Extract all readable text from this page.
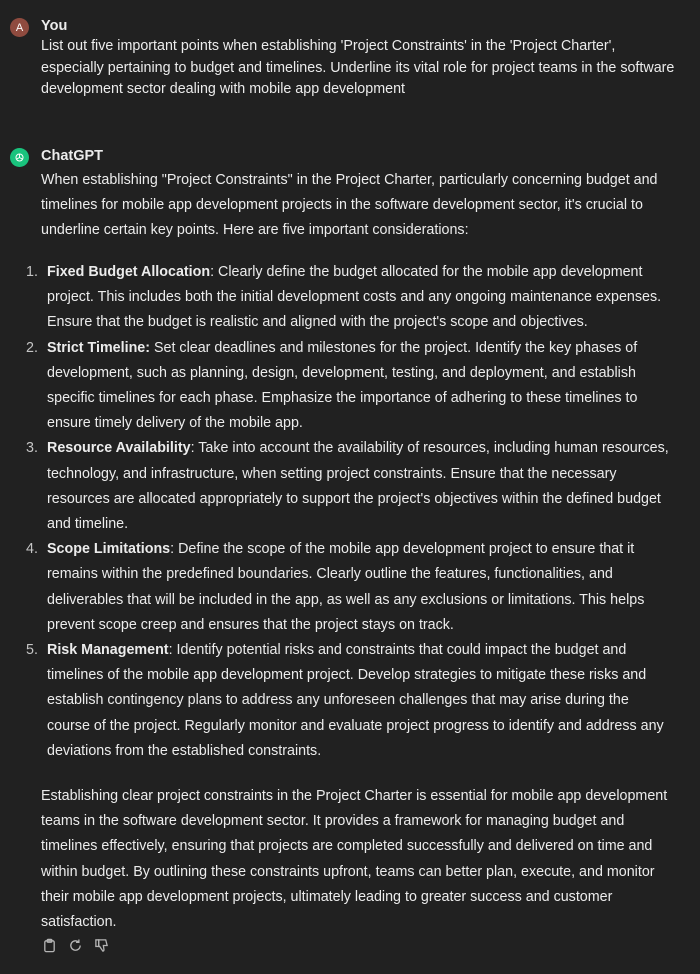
A You
List out five important points when establishing 'Project Constraints' in the 'Project Charter', especially pertaining to budget and timelines. Underline its vital role for project teams in the software development sector dealing with mobile app development
ChatGPT
When establishing "Project Constraints" in the Project Charter, particularly concerning budget and timelines for mobile app development projects in the software development sector, it's crucial to underline certain key points. Here are five important considerations:
1. Fixed Budget Allocation: Clearly define the budget allocated for the mobile app development project. This includes both the initial development costs and any ongoing maintenance expenses. Ensure that the budget is realistic and aligned with the project's scope and objectives.
2. Strict Timeline: Set clear deadlines and milestones for the project. Identify the key phases of development, such as planning, design, development, testing, and deployment, and establish specific timelines for each phase. Emphasize the importance of adhering to these timelines to ensure timely delivery of the mobile app.
3. Resource Availability: Take into account the availability of resources, including human resources, technology, and infrastructure, when setting project constraints. Ensure that the necessary resources are allocated appropriately to support the project's objectives within the defined budget and timeline.
4. Scope Limitations: Define the scope of the mobile app development project to ensure that it remains within the predefined boundaries. Clearly outline the features, functionalities, and deliverables that will be included in the app, as well as any exclusions or limitations. This helps prevent scope creep and ensures that the project stays on track.
5. Risk Management: Identify potential risks and constraints that could impact the budget and timelines of the mobile app development project. Develop strategies to mitigate these risks and establish contingency plans to address any unforeseen challenges that may arise during the course of the project. Regularly monitor and evaluate project progress to identify and address any deviations from the established constraints.
Establishing clear project constraints in the Project Charter is essential for mobile app development teams in the software development sector. It provides a framework for managing budget and timelines effectively, ensuring that projects are completed successfully and delivered on time and within budget. By outlining these constraints upfront, teams can better plan, execute, and monitor their mobile app development projects, ultimately leading to greater success and customer satisfaction.
